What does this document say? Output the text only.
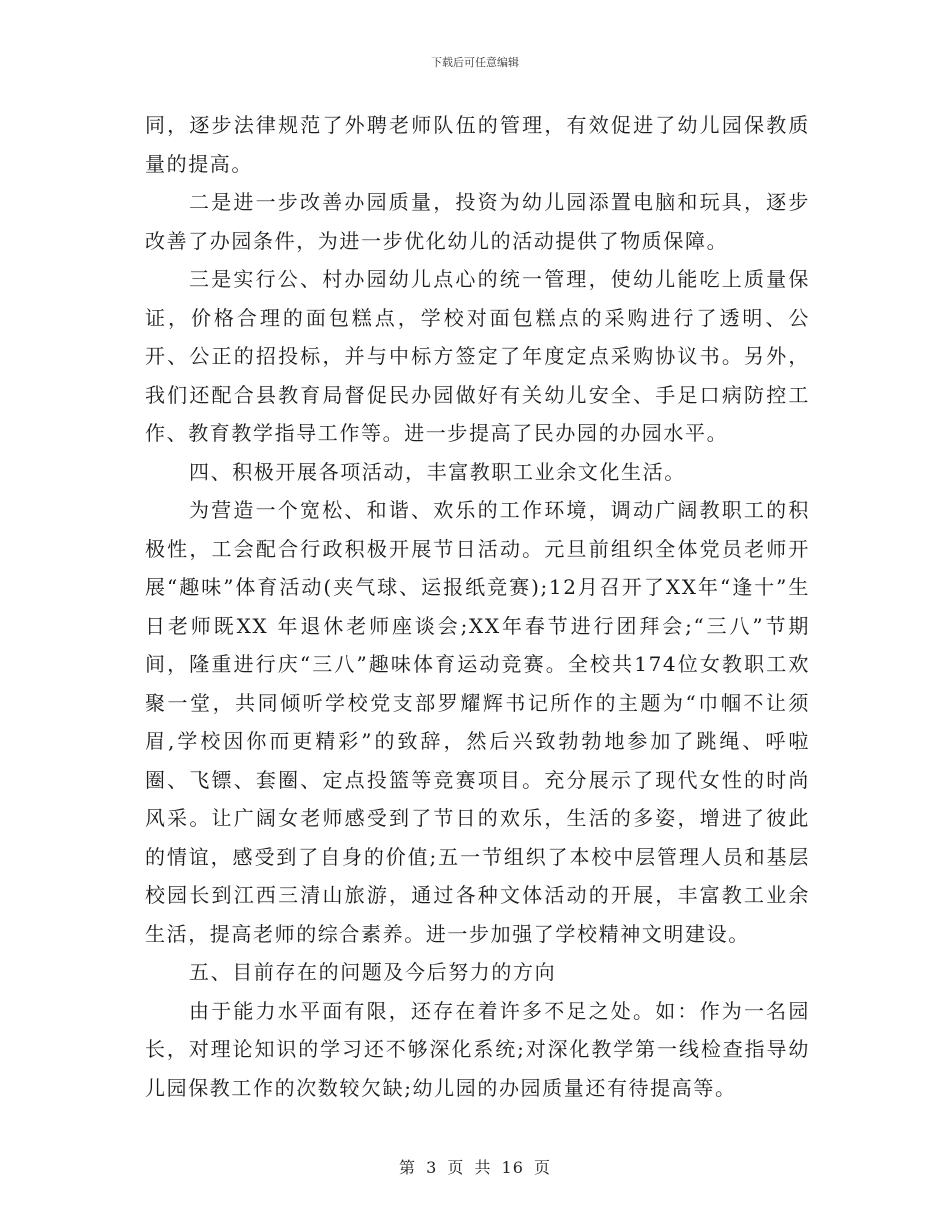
下载后可任意编辑

同，逐步法律规范了外聘老师队伍的管理，有效促进了幼儿园保教质量的提高。

二是进一步改善办园质量，投资为幼儿园添置电脑和玩具，逐步改善了办园条件，为进一步优化幼儿的活动提供了物质保障。

三是实行公、村办园幼儿点心的统一管理，使幼儿能吃上质量保证，价格合理的面包糕点，学校对面包糕点的采购进行了透明、公开、公正的招投标，并与中标方签定了年度定点采购协议书。另外，我们还配合县教育局督促民办园做好有关幼儿安全、手足口病防控工作、教育教学指导工作等。进一步提高了民办园的办园水平。

四、积极开展各项活动，丰富教职工业余文化生活。

为营造一个宽松、和谐、欢乐的工作环境，调动广阔教职工的积极性，工会配合行政积极开展节日活动。元旦前组织全体党员老师开展“趣味”体育活动(夹气球、运报纸竞赛);12月召开了XX年“逢十”生日老师既XX 年退休老师座谈会;XX年春节进行团拜会;“三八”节期间，隆重进行庆“三八”趣味体育运动竞赛。全校共174位女教职工欢聚一堂，共同倾听学校党支部罗耀辉书记所作的主题为“巾帼不让须眉,学校因你而更精彩”的致辞，然后兴致勃勃地参加了跳绳、呼啦圈、飞镖、套圈、定点投篮等竞赛项目。充分展示了现代女性的时尚风采。让广阔女老师感受到了节日的欢乐，生活的多姿，增进了彼此的情谊，感受到了自身的价值;五一节组织了本校中层管理人员和基层校园长到江西三清山旅游，通过各种文体活动的开展，丰富教工业余生活，提高老师的综合素养。进一步加强了学校精神文明建设。

五、目前存在的问题及今后努力的方向

由于能力水平面有限，还存在着许多不足之处。如：作为一名园长，对理论知识的学习还不够深化系统;对深化教学第一线检查指导幼儿园保教工作的次数较欠缺;幼儿园的办园质量还有待提高等。

第 3 页 共 16 页
